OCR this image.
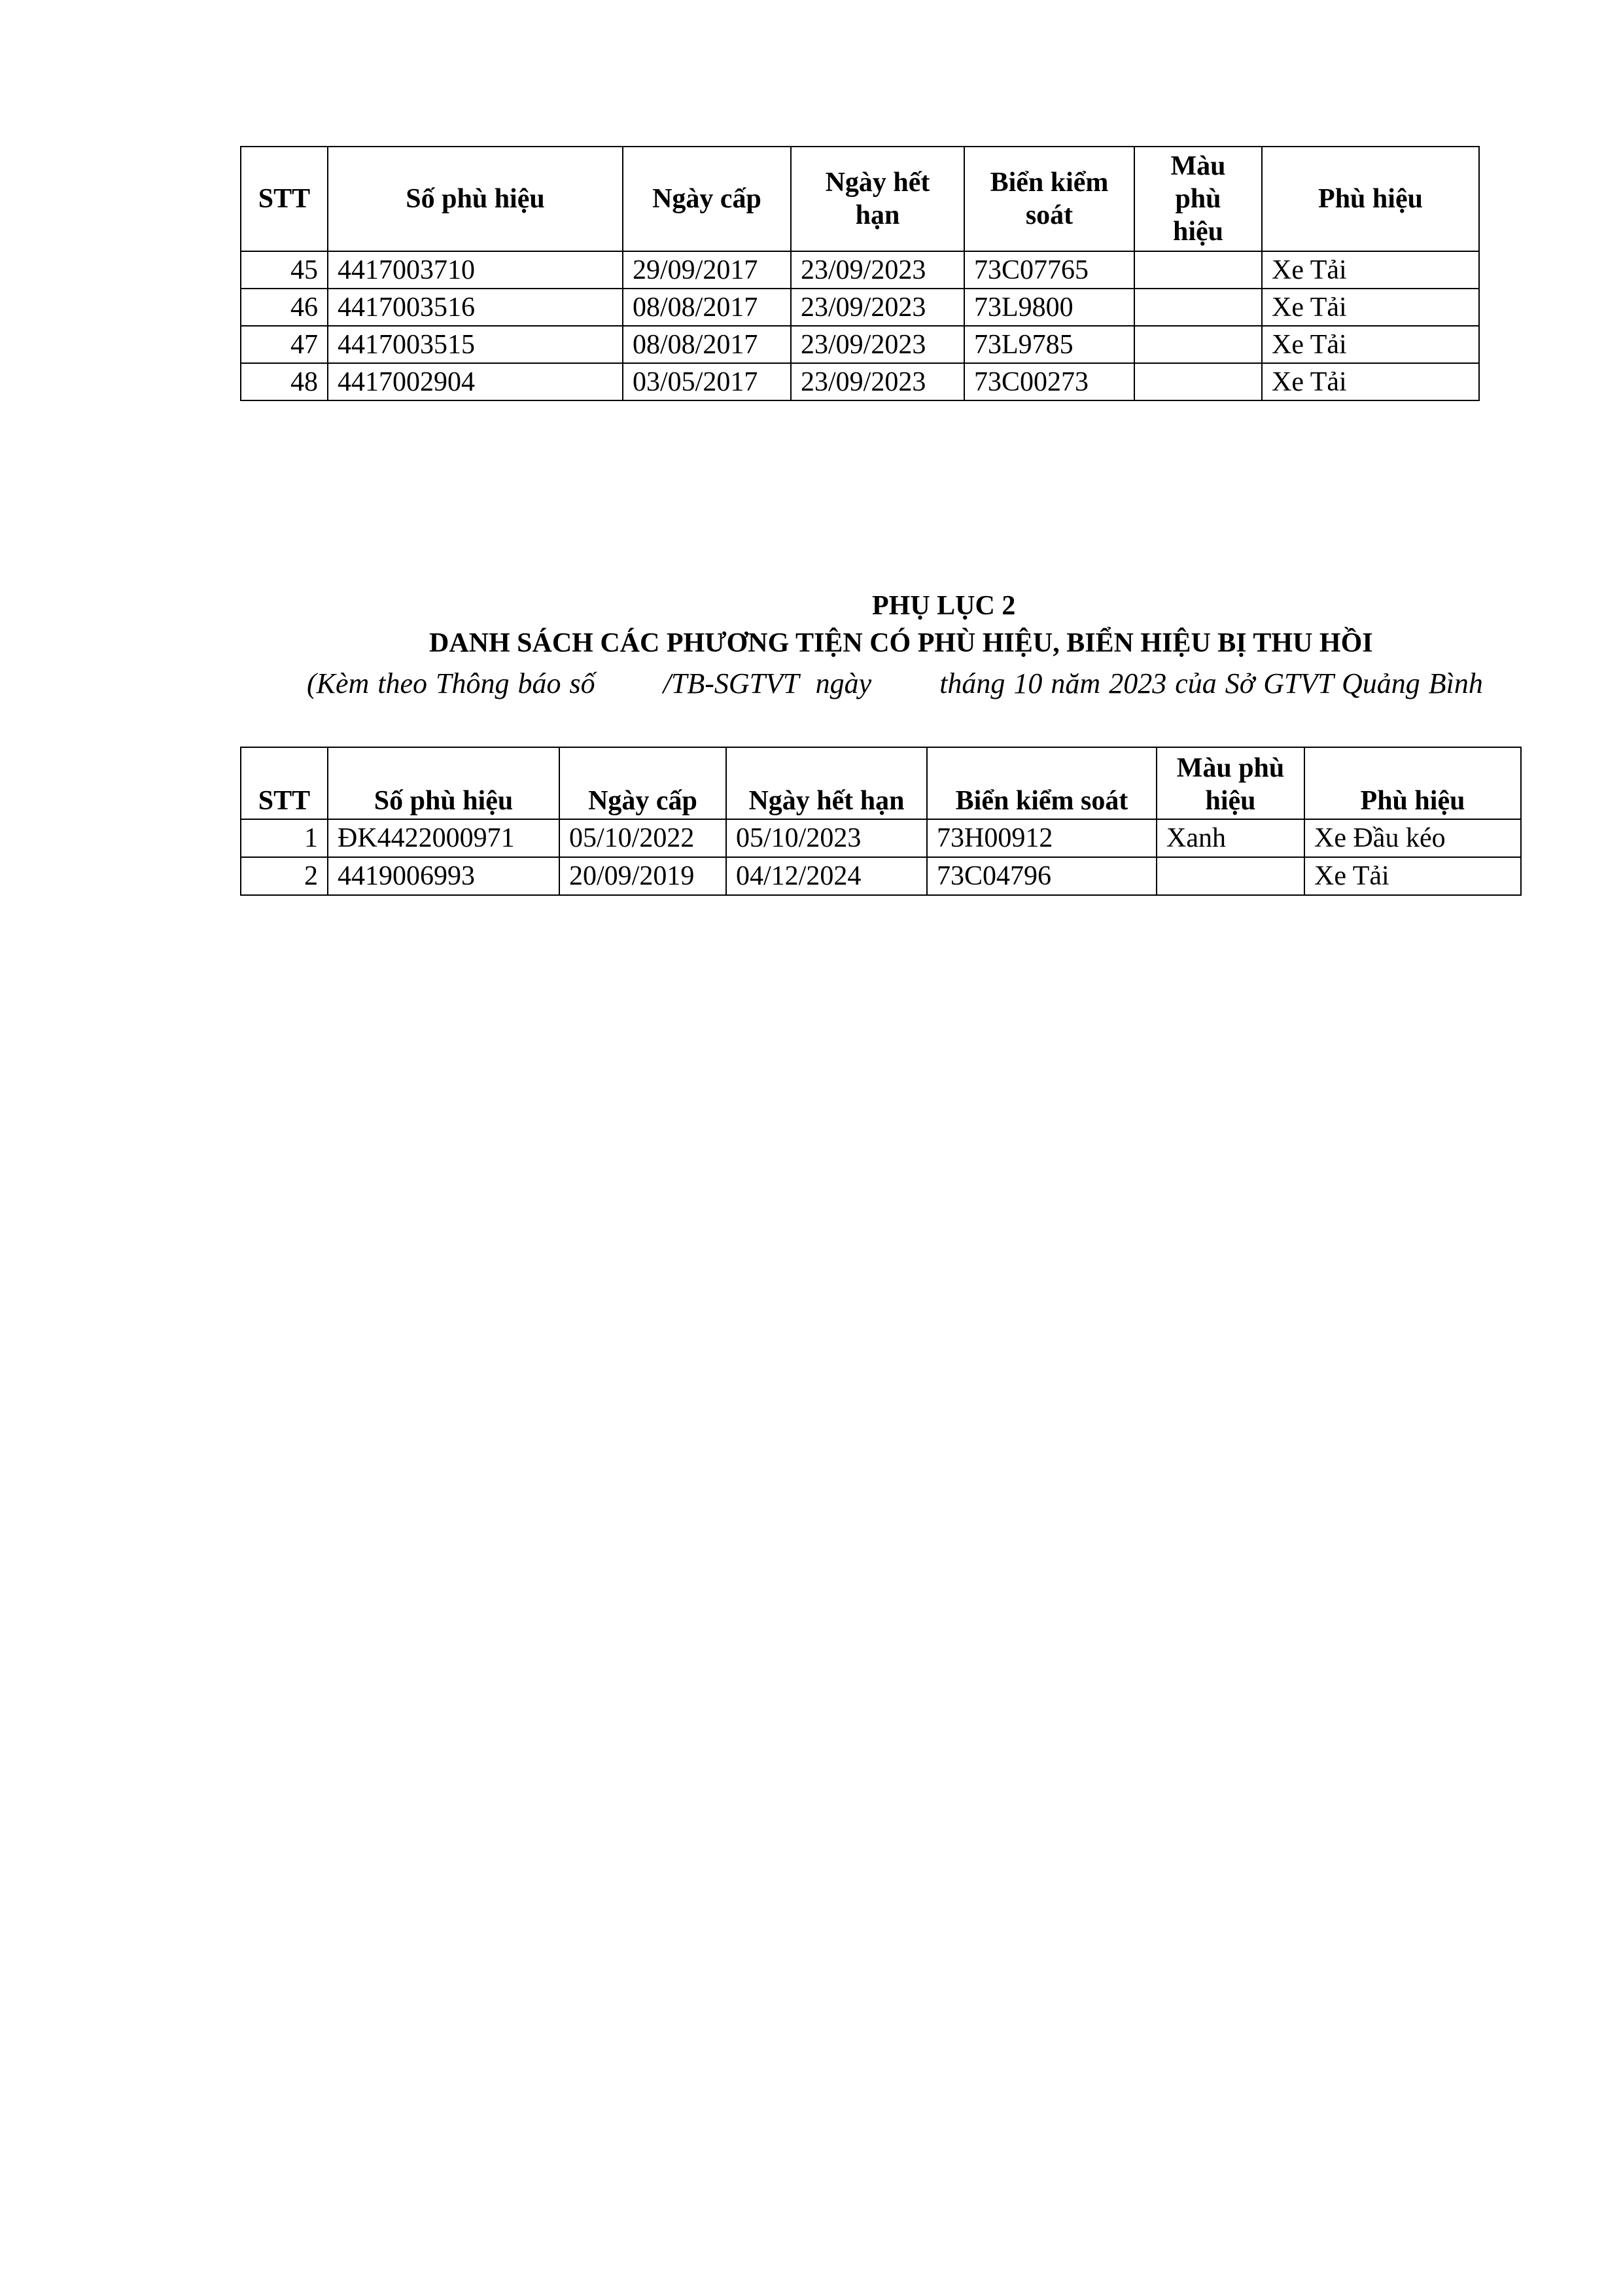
STT	Số phù hiệu	Ngày cấp	Ngày hết hạn	Biển kiểm soát	Màu phù hiệu	Phù hiệu
45	4417003710	29/09/2017	23/09/2023	73C07765		Xe Tải
46	4417003516	08/08/2017	23/09/2023	73L9800		Xe Tải
47	4417003515	08/08/2017	23/09/2023	73L9785		Xe Tải
48	4417002904	03/05/2017	23/09/2023	73C00273		Xe Tải
PHỤ LỤC 2
DANH SÁCH CÁC PHƯƠNG TIỆN CÓ PHÙ HIỆU, BIỂN HIỆU BỊ THU HỒI
(Kèm theo Thông báo số        /TB-SGTVT  ngày        tháng 10 năm 2023 của Sở GTVT Quảng Bình
STT	Số phù hiệu	Ngày cấp	Ngày hết hạn	Biển kiểm soát	Màu phù hiệu	Phù hiệu
1	ĐK4422000971	05/10/2022	05/10/2023	73H00912	Xanh	Xe Đầu kéo
2	4419006993	20/09/2019	04/12/2024	73C04796		Xe Tải
